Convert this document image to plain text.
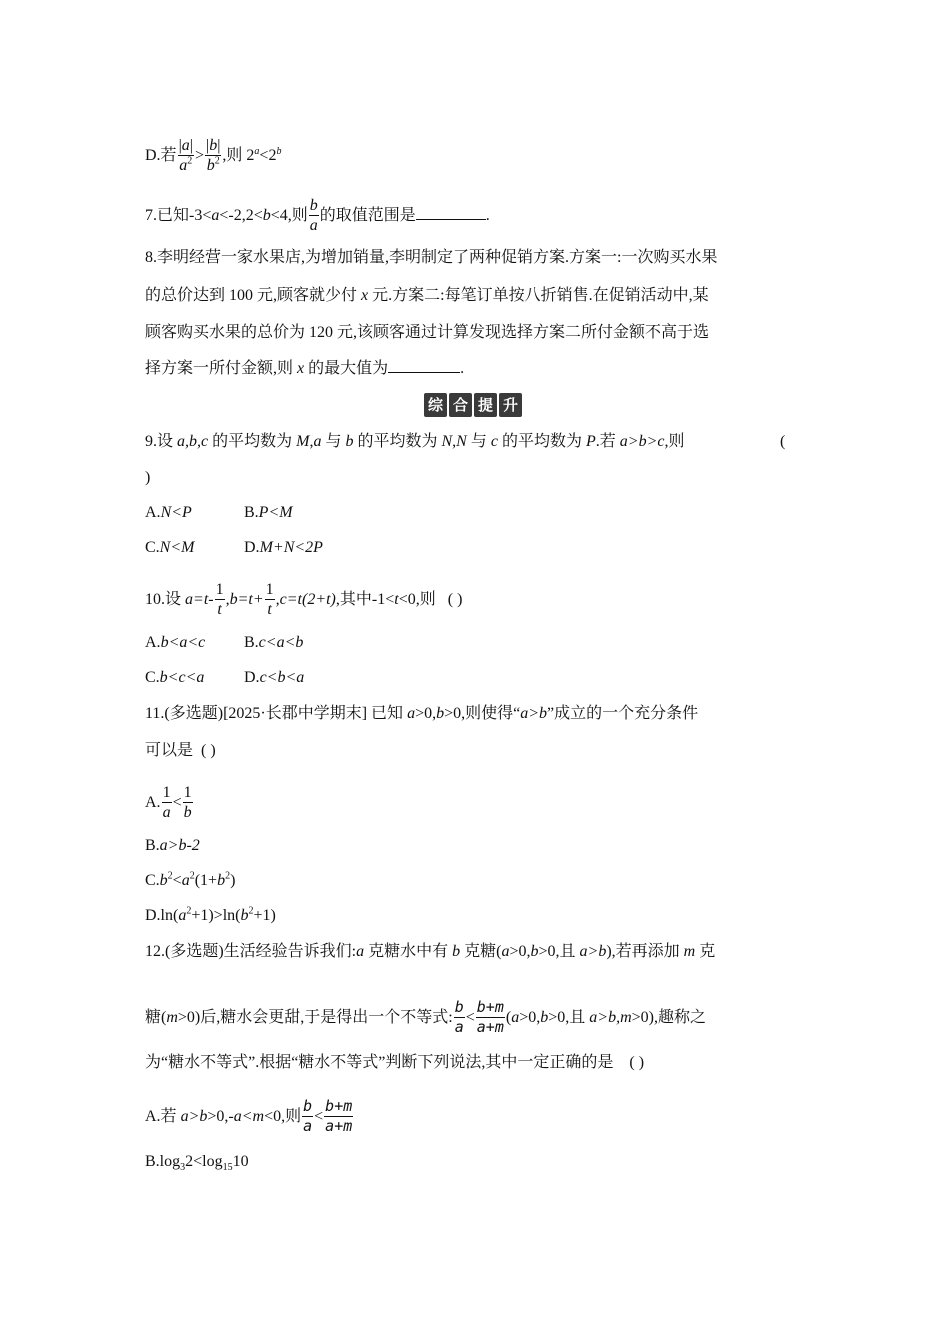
D.若 $\frac{|a|}{a^2} > \frac{|b|}{b^2}$ ,则 $2^a<2^b$
7.已知-3<a<-2,2<b<4,则 $\frac{b}{a}$ 的取值范围是	.
8.李明经营一家水果店,为增加销量,李明制定了两种促销方案.方案一:一次购买水果
的总价达到 100 元,顾客就少付 x 元.方案二:每笔订单按八折销售.在促销活动中,某
顾客购买水果的总价为 120 元,该顾客通过计算发现选择方案二所付金额不高于选
择方案一所付金额,则 x 的最大值为	.
综 合 提 升
9.设 a,b,c 的平均数为 M,a 与 b 的平均数为 N,N 与 c 的平均数为 P.若 a>b>c,则	(
)
A.N<P	B.P<M
C.N<M	D.M+N<2P
10.设 $a=t- \frac{1}{t} ,b=t+ \frac{1}{t} ,c=t(2+t)$,其中-1<t<0,则 ( )
A.b<a<c B.c<a<b
C.b<c<a D.c<b<a
11.(多选题)[2025·长郡中学期末] 已知 a>0,b>0,则使得“a>b”成立的一个充分条件
可以是 ( )
A. $\frac{1}{a} < \frac{1}{b}$
B.a>b-2
$C.b^2<a^2(1+b^2)$
$D.\ln(a^2+1)>\ln(b^2+1)$
12.(多选题)生活经验告诉我们:a 克糖水中有 b 克糖(a>0,b>0,且 a>b),若再添加 m 克
糖(m>0)后,糖水会更甜,于是得出一个不等式: $\frac{b}{a} < \frac{b+m}{a+m} (a>0,b>0$,且 a>b,m>0),趣称之
为“糖水不等式”.根据“糖水不等式”判断下列说法,其中一定正确的是 ( )
A.若 a>b>0,-a<m<0,则 $\frac{b}{a} < \frac{b+m}{a+m}$
$B.\log_32<\log_{15}10$
